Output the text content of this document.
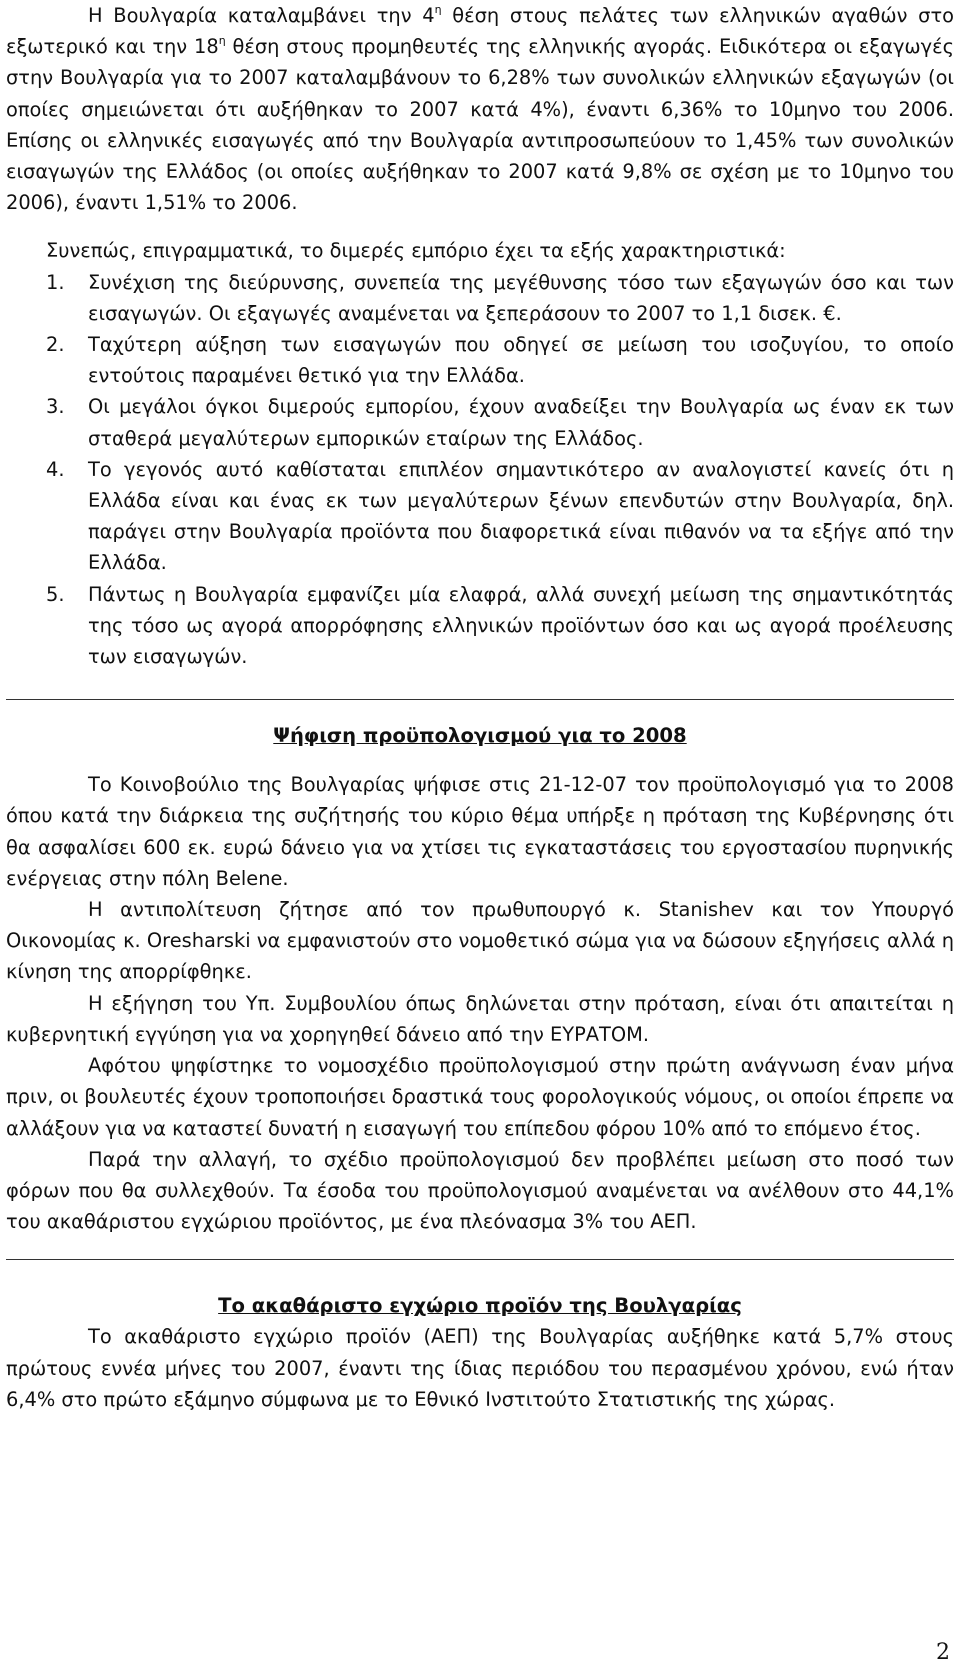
Η Βουλγαρία καταλαμβάνει την $4^\eta$ θέση στους πελάτες των ελληνικών αγαθών στο εξωτερικό και την $18^\eta$ θέση στους προμηθευτές της ελληνικής αγοράς. Ειδικότερα οι εξαγωγές στην Βουλγαρία για το 2007 καταλαμβάνουν το 6,28% των συνολικών ελληνικών εξαγωγών (οι οποίες σημειώνεται ότι αυξήθηκαν το 2007 κατά 4%), έναντι 6,36% το 10μηνο του 2006. Επίσης οι ελληνικές εισαγωγές από την Βουλγαρία αντιπροσωπεύουν το 1,45% των συνολικών εισαγωγών της Ελλάδος (οι οποίες αυξήθηκαν το 2007 κατά 9,8% σε σχέση με το 10μηνο του 2006), έναντι 1,51% το 2006.

Συνεπώς, επιγραμματικά, το διμερές εμπόριο έχει τα εξής χαρακτηριστικά:

1. Συνέχιση της διεύρυνσης, συνεπεία της μεγέθυνσης τόσο των εξαγωγών όσο και των εισαγωγών. Οι εξαγωγές αναμένεται να ξεπεράσουν το 2007 το 1,1 δισεκ. €.
2. Ταχύτερη αύξηση των εισαγωγών που οδηγεί σε μείωση του ισοζυγίου, το οποίο εντούτοις παραμένει θετικό για την Ελλάδα.
3. Οι μεγάλοι όγκοι διμερούς εμπορίου, έχουν αναδείξει την Βουλγαρία ως έναν εκ των σταθερά μεγαλύτερων εμπορικών εταίρων της Ελλάδος.
4. Το γεγονός αυτό καθίσταται επιπλέον σημαντικότερο αν αναλογιστεί κανείς ότι η Ελλάδα είναι και ένας εκ των μεγαλύτερων ξένων επενδυτών στην Βουλγαρία, δηλ. παράγει στην Βουλγαρία προϊόντα που διαφορετικά είναι πιθανόν να τα εξήγε από την Ελλάδα.
5. Πάντως η Βουλγαρία εμφανίζει μία ελαφρά, αλλά συνεχή μείωση της σημαντικότητάς της τόσο ως αγορά απορρόφησης ελληνικών προϊόντων όσο και ως αγορά προέλευσης των εισαγωγών.
Ψήφιση προϋπολογισμού για το 2008

Το Κοινοβούλιο της Βουλγαρίας ψήφισε στις 21-12-07 τον προϋπολογισμό για το 2008 όπου κατά την διάρκεια της συζήτησής του κύριο θέμα υπήρξε η πρόταση της Κυβέρνησης ότι θα ασφαλίσει 600 εκ. ευρώ δάνειο για να χτίσει τις εγκαταστάσεις του εργοστασίου πυρηνικής ενέργειας στην πόλη Belene.

Η αντιπολίτευση ζήτησε από τον πρωθυπουργό κ. Stanishev και τον Υπουργό Οικονομίας κ. Oresharski να εμφανιστούν στο νομοθετικό σώμα για να δώσουν εξηγήσεις αλλά η κίνηση της απορρίφθηκε.

Η εξήγηση του Υπ. Συμβουλίου όπως δηλώνεται στην πρόταση, είναι ότι απαιτείται η κυβερνητική εγγύηση για να χορηγηθεί δάνειο από την ΕΥΡΑΤΟΜ.

Αφότου ψηφίστηκε το νομοσχέδιο προϋπολογισμού στην πρώτη ανάγνωση έναν μήνα πριν, οι βουλευτές έχουν τροποποιήσει δραστικά τους φορολογικούς νόμους, οι οποίοι έπρεπε να αλλάξουν για να καταστεί δυνατή η εισαγωγή του επίπεδου φόρου 10% από το επόμενο έτος.

Παρά την αλλαγή, το σχέδιο προϋπολογισμού δεν προβλέπει μείωση στο ποσό των φόρων που θα συλλεχθούν. Τα έσοδα του προϋπολογισμού αναμένεται να ανέλθουν στο 44,1% του ακαθάριστου εγχώριου προϊόντος, με ένα πλεόνασμα 3% του ΑΕΠ.

Το ακαθάριστο εγχώριο προϊόν της Βουλγαρίας

Το ακαθάριστο εγχώριο προϊόν (ΑΕΠ) της Βουλγαρίας αυξήθηκε κατά 5,7% στους πρώτους εννέα μήνες του 2007, έναντι της ίδιας περιόδου του περασμένου χρόνου, ενώ ήταν 6,4% στο πρώτο εξάμηνο σύμφωνα με το Εθνικό Ινστιτούτο Στατιστικής της χώρας.

2
